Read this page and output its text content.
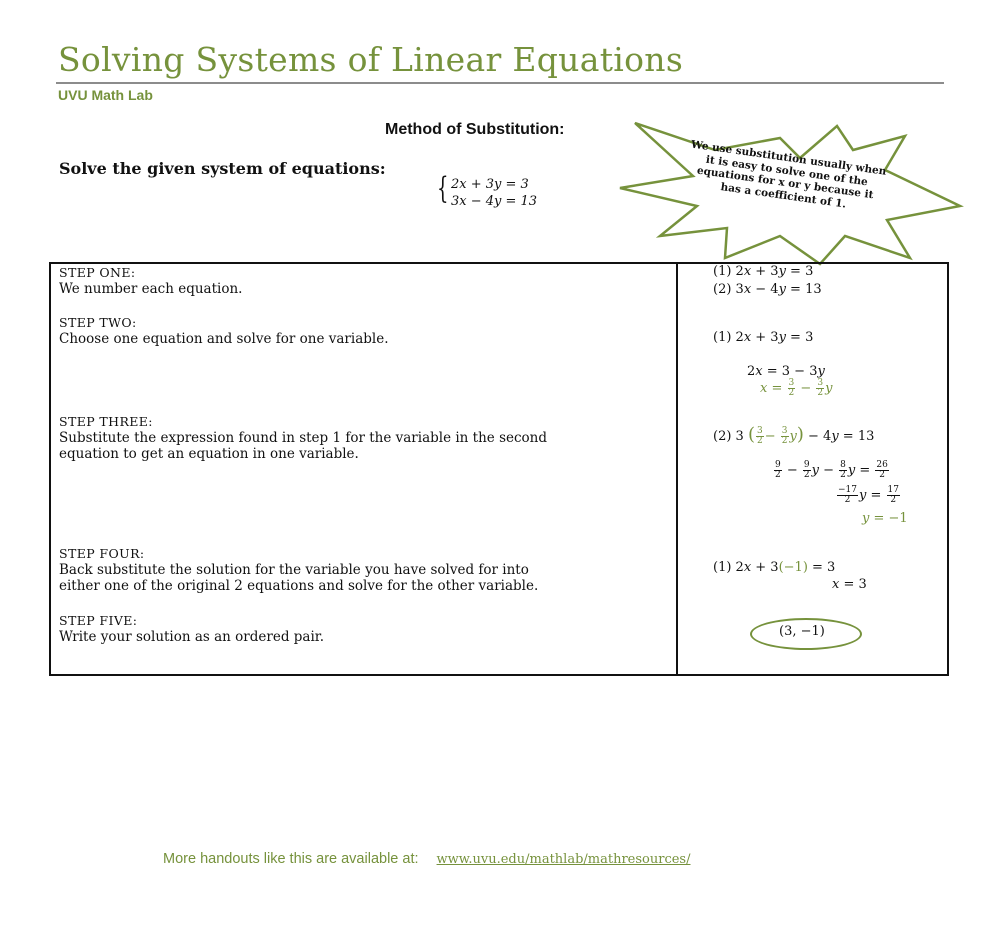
Solving Systems of Linear Equations
UVU Math Lab
Method of Substitution:
Solve the given system of equations:
{ 2𝑥 + 3𝑦 = 3
3𝑥 − 4𝑦 = 13
We use substitution usually when it is easy to solve one of the equations for x or y because it has a coefficient of 1.
STEP ONE:
We number each equation.
STEP TWO:
Choose one equation and solve for one variable.
STEP THREE:
Substitute the expression found in step 1 for the variable in the second
equation to get an equation in one variable.
STEP FOUR:
Back substitute the solution for the variable you have solved for into
either one of the original 2 equations and solve for the other variable.
STEP FIVE:
Write your solution as an ordered pair.
(1) 2𝑥 + 3𝑦 = 3
(2) 3𝑥 − 4𝑦 = 13
(1) 2𝑥 + 3𝑦 = 3
2𝑥 = 3 − 3𝑦
𝑥 = $\frac{3}{2} - \frac{3}{2}$ 𝑦
(2) 3 ( $\frac{3}{2} - \frac{3}{2}$ 𝑦) − 4𝑦 = 13
$\frac{9}{2} - \frac{9}{2}$ 𝑦 − $\frac{8}{2}$ 𝑦 = $\frac{26}{2}$
$\frac{-17}{2}$ 𝑦 = $\frac{17}{2}$
𝑦 = −1
(1) 2𝑥 + 3(−1) = 3
𝑥 = 3
(3, −1)
More handouts like this are available at: www.uvu.edu/mathlab/mathresources/
